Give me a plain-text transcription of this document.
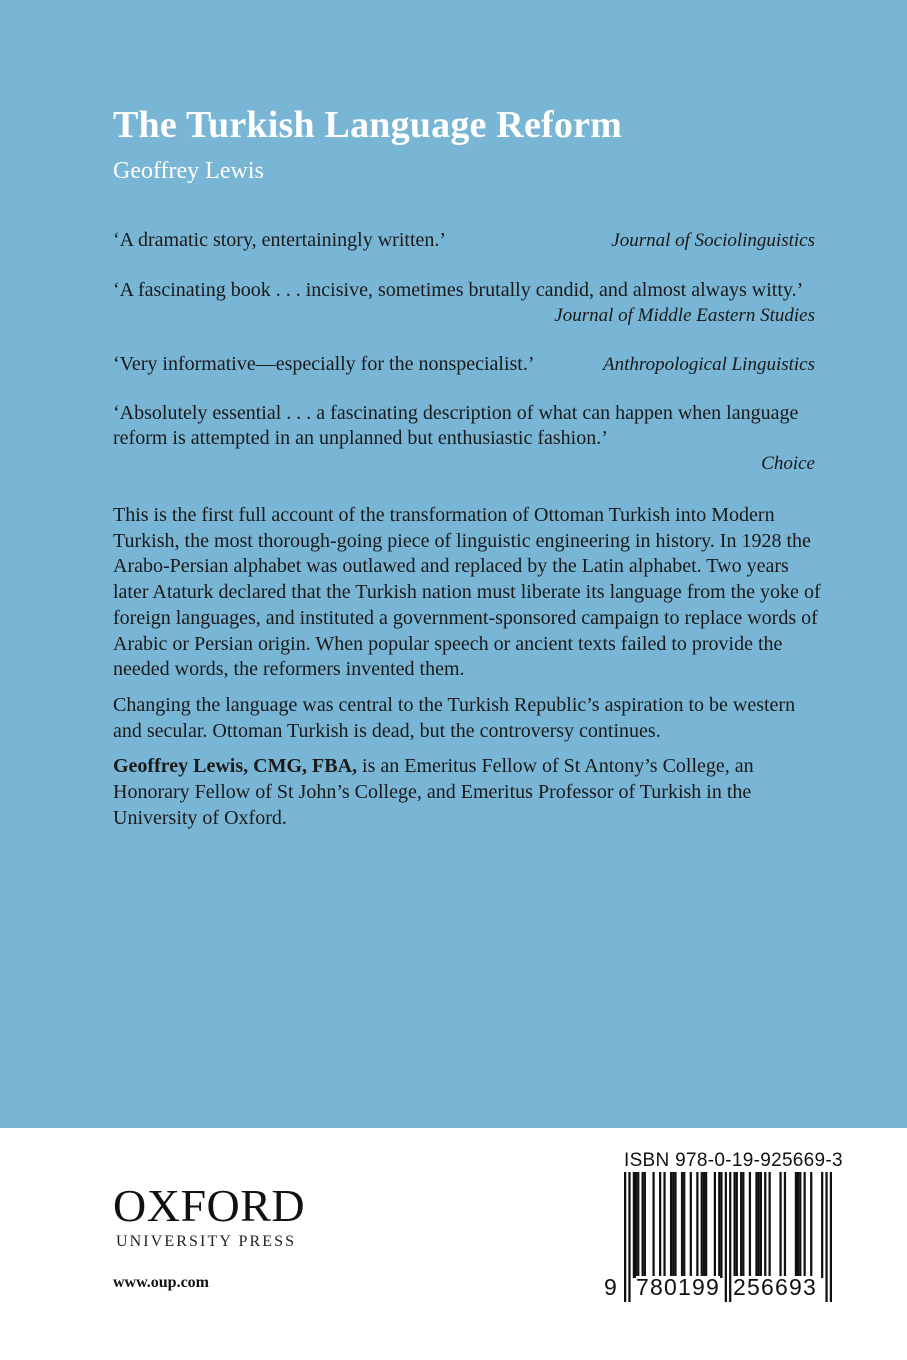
The Turkish Language Reform
Geoffrey Lewis
‘A dramatic story, entertainingly written.’	Journal of Sociolinguistics
‘A fascinating book . . . incisive, sometimes brutally candid, and almost always witty.’
Journal of Middle Eastern Studies
‘Very informative—especially for the nonspecialist.’	Anthropological Linguistics
‘Absolutely essential . . . a fascinating description of what can happen when language reform is attempted in an unplanned but enthusiastic fashion.’
Choice

This is the first full account of the transformation of Ottoman Turkish into Modern Turkish, the most thorough-going piece of linguistic engineering in history. In 1928 the Arabo-Persian alphabet was outlawed and replaced by the Latin alphabet. Two years later Ataturk declared that the Turkish nation must liberate its language from the yoke of foreign languages, and instituted a government-sponsored campaign to replace words of Arabic or Persian origin. When popular speech or ancient texts failed to provide the needed words, the reformers invented them.

Changing the language was central to the Turkish Republic’s aspiration to be western and secular. Ottoman Turkish is dead, but the controversy continues.

Geoffrey Lewis, CMG, FBA, is an Emeritus Fellow of St Antony’s College, an Honorary Fellow of St John’s College, and Emeritus Professor of Turkish in the University of Oxford.

OXFORD
UNIVERSITY PRESS
www.oup.com
ISBN 978-0-19-925669-3
9 780199 256693
